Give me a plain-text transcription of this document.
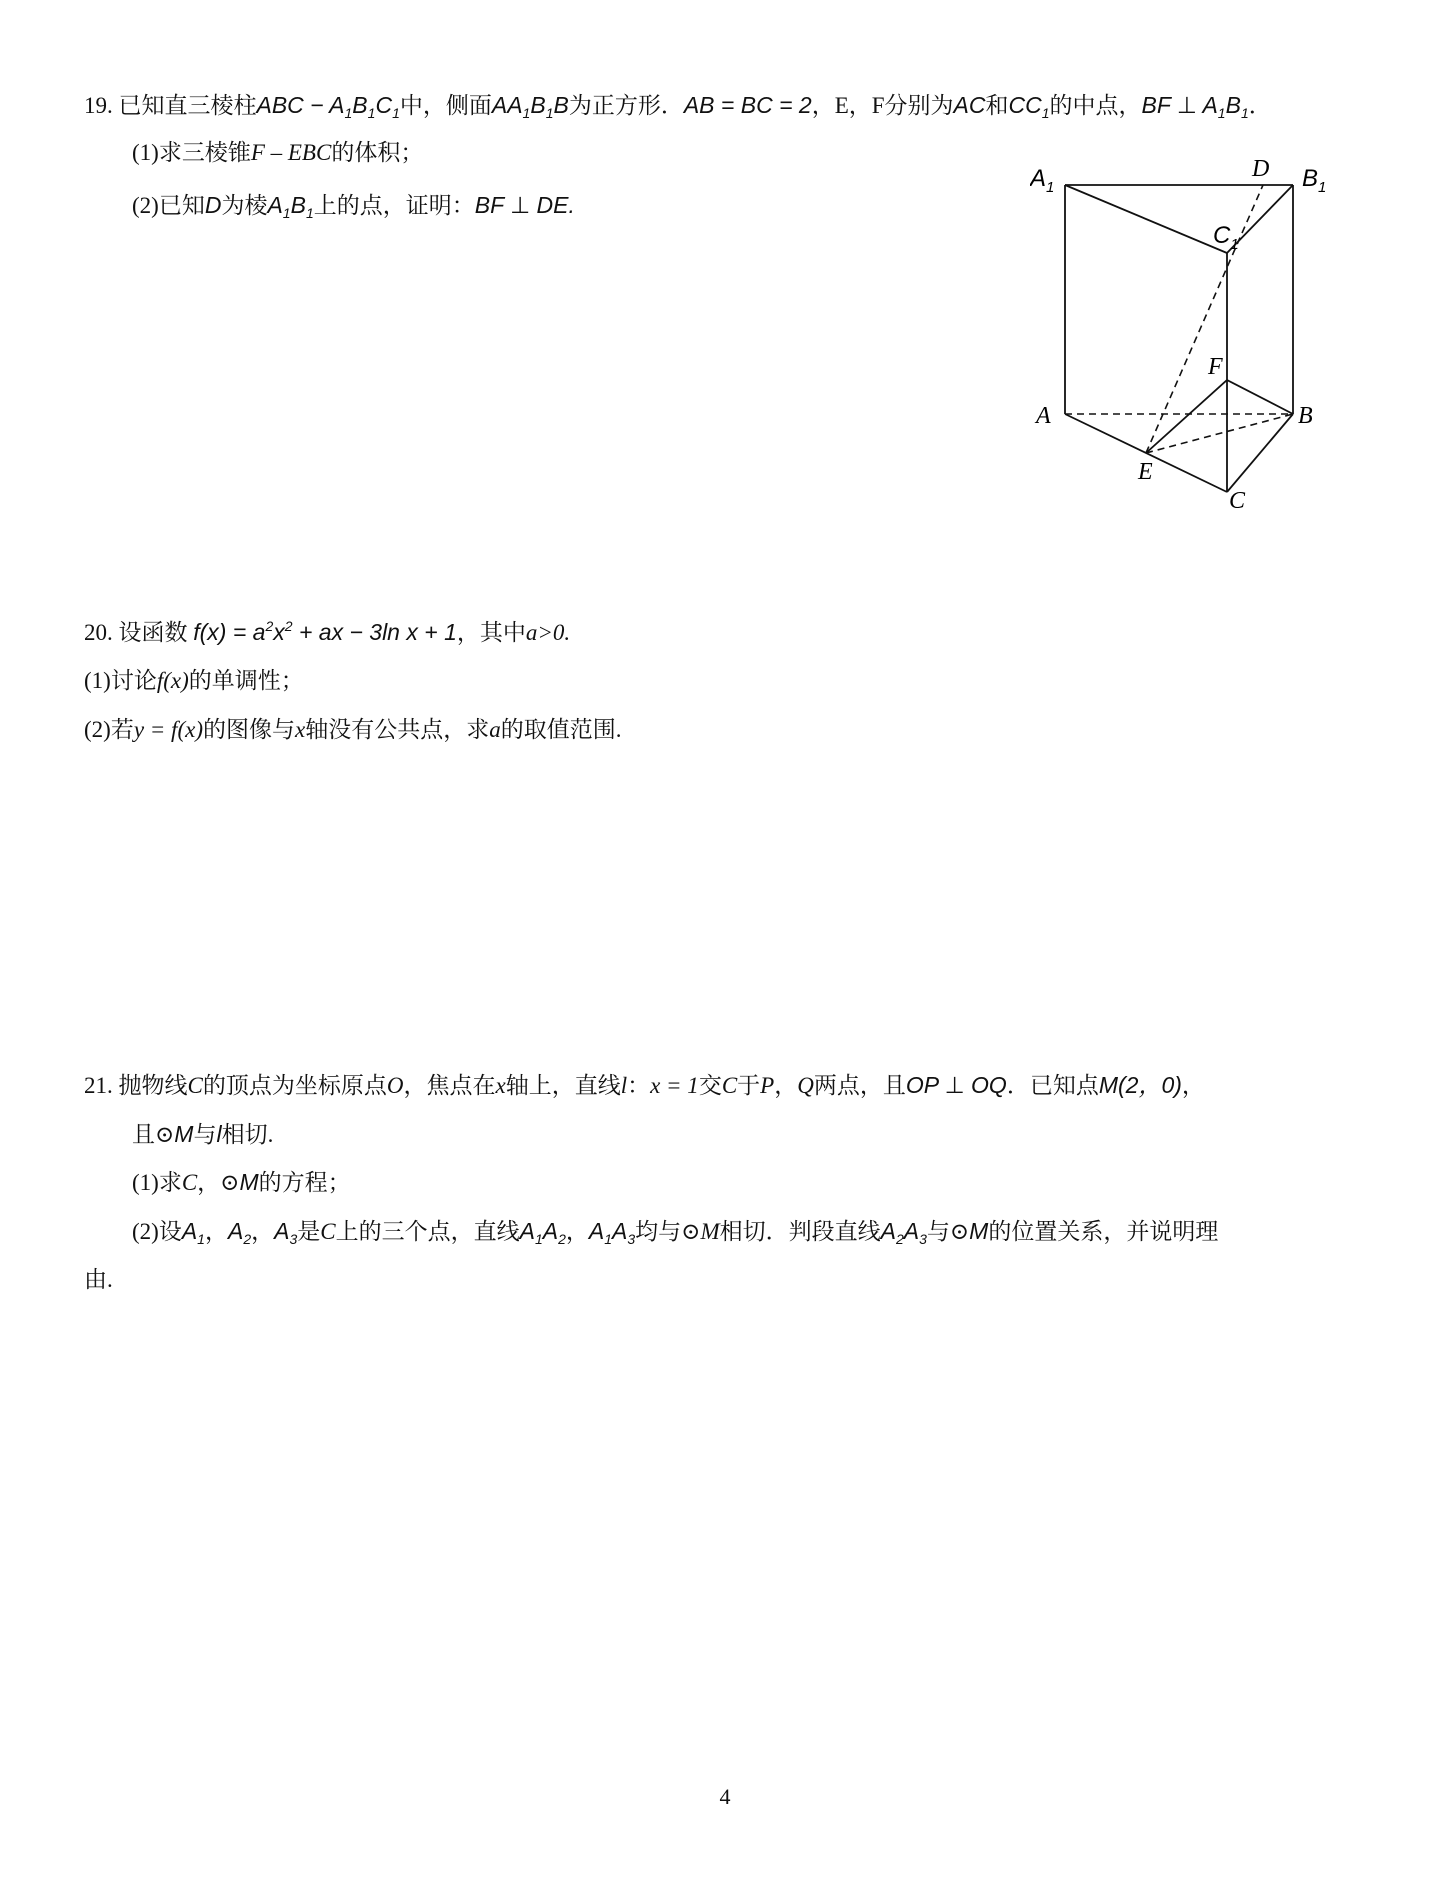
19. 已知直三棱柱ABC − $A_1B_1C_1$中，侧面$AA_1B_1B$为正方形．AB = BC = 2，E，F分别为AC和$CC_1$的中点，BF ⊥ $A_1B_1$．
(1)求三棱锥F – EBC的体积；
(2)已知D为棱$A_1B_1$上的点，证明：BF ⊥ DE.
$A_1$
D $B_1$
$C_1$
F
A	B
E
C
20. 设函数 $f(x) = a^2x^2$ + ax − 3ln x + 1，其中a>0.
(1)讨论f(x)的单调性；
(2)若y = f(x)的图像与x轴没有公共点，求a的取值范围.
21. 抛物线C的顶点为坐标原点O，焦点在x轴上，直线l：x = 1交C于P，Q两点，且OP ⊥ OQ．已知点M(2，0)，
且⊙M与l相切.
(1)求C，⊙M的方程；
(2)设$A_1$，$A_2$，$A_3$是C上的三个点，直线$A_1A_2$，$A_1A_3$均与⊙M相切．判段直线$A_2A_3$与⊙M的位置关系，并说明理
由.
4
